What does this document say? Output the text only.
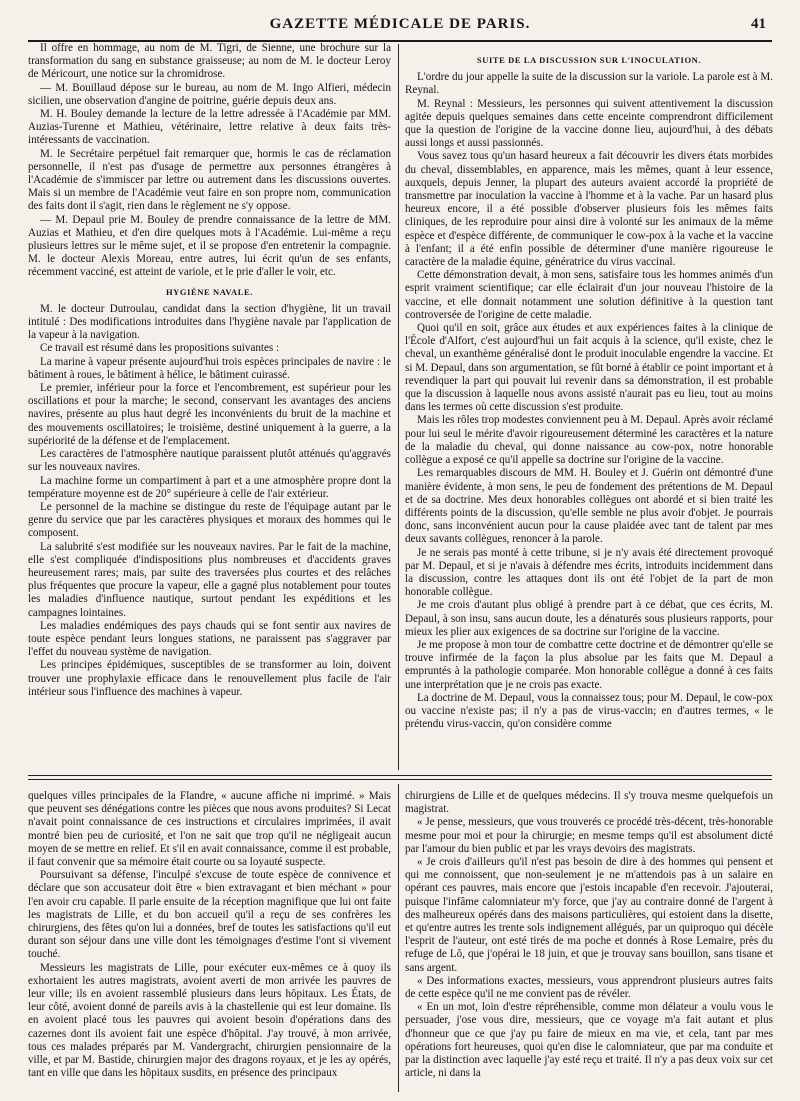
GAZETTE MÉDICALE DE PARIS.	41

Il offre en hommage, au nom de M. Tigri, de Sienne, une brochure sur la transformation du sang en substance graisseuse; au nom de M. le docteur Leroy de Méricourt, une notice sur la chromidrose.

— M. Bouillaud dépose sur le bureau, au nom de M. Ingo Alfieri, médecin sicilien, une observation d'angine de poitrine, guérie depuis deux ans.

M. H. Bouley demande la lecture de la lettre adressée à l'Académie par MM. Auzias-Turenne et Mathieu, vétérinaire, lettre relative à deux faits très-intéressants de vaccination.

M. le Secrétaire perpétuel fait remarquer que, hormis le cas de réclamation personnelle, il n'est pas d'usage de permettre aux personnes étrangères à l'Académie de s'immiscer par lettre ou autrement dans les discussions ouvertes. Mais si un membre de l'Académie veut faire en son propre nom, communication des faits dont il s'agit, rien dans le règlement ne s'y oppose.

— M. Depaul prie M. Bouley de prendre connaissance de la lettre de MM. Auzias et Mathieu, et d'en dire quelques mots à l'Académie. Lui-même a reçu plusieurs lettres sur le même sujet, et il se propose d'en entretenir la compagnie. M. le docteur Alexis Moreau, entre autres, lui écrit qu'un de ses enfants, récemment vacciné, est atteint de variole, et le prie d'aller le voir, etc.

HYGIÈNE NAVALE.

M. le docteur Dutroulau, candidat dans la section d'hygiène, lit un travail intitulé : Des modifications introduites dans l'hygiène navale par l'application de la vapeur à la navigation.

Ce travail est résumé dans les propositions suivantes :

La marine à vapeur présente aujourd'hui trois espèces principales de navire : le bâtiment à roues, le bâtiment à hélice, le bâtiment cuirassé.

Le premier, inférieur pour la force et l'encombrement, est supérieur pour les oscillations et pour la marche; le second, conservant les avantages des anciens navires, présente au plus haut degré les inconvénients du bruit de la machine et des mouvements oscillatoires; le troisième, destiné uniquement à la guerre, a la supériorité de la défense et de l'emplacement.

Les caractères de l'atmosphère nautique paraissent plutôt atténués qu'aggravés sur les nouveaux navires.

La machine forme un compartiment à part et a une atmosphère propre dont la température moyenne est de 20° supérieure à celle de l'air extérieur.

Le personnel de la machine se distingue du reste de l'équipage autant par le genre du service que par les caractères physiques et moraux des hommes qui le composent.

La salubrité s'est modifiée sur les nouveaux navires. Par le fait de la machine, elle s'est compliquée d'indispositions plus nombreuses et d'accidents graves heureusement rares; mais, par suite des traversées plus courtes et des relâches plus fréquentes que procure la vapeur, elle a gagné plus notablement pour toutes les maladies d'influence nautique, surtout pendant les expéditions et les campagnes lointaines.

Les maladies endémiques des pays chauds qui se font sentir aux navires de toute espèce pendant leurs longues stations, ne paraissent pas s'aggraver par l'effet du nouveau système de navigation.

Les principes épidémiques, susceptibles de se transformer au loin, doivent trouver une prophylaxie efficace dans le renouvellement plus facile de l'air intérieur sous l'influence des machines à vapeur.

SUITE DE LA DISCUSSION SUR L'INOCULATION.

L'ordre du jour appelle la suite de la discussion sur la variole. La parole est à M. Reynal.

M. Reynal : Messieurs, les personnes qui suivent attentivement la discussion agitée depuis quelques semaines dans cette enceinte comprendront difficilement que la question de l'origine de la vaccine donne lieu, aujourd'hui, à des débats aussi longs et aussi passionnés.

Vous savez tous qu'un hasard heureux a fait découvrir les divers états morbides du cheval, dissemblables, en apparence, mais les mêmes, quant à leur essence, auxquels, depuis Jenner, la plupart des auteurs avaient accordé la propriété de transmettre par inoculation la vaccine à l'homme et à la vache. Par un hasard plus heureux encore, il a été possible d'observer plusieurs fois les mêmes faits cliniques, de les reproduire pour ainsi dire à volonté sur les animaux de la même espèce et d'espèce différente, de communiquer le cow-pox à la vache et la vaccine à l'enfant; il a été enfin possible de déterminer d'une manière rigoureuse le caractère de la maladie équine, génératrice du virus vaccinal.

Cette démonstration devait, à mon sens, satisfaire tous les hommes animés d'un esprit vraiment scientifique; car elle éclairait d'un jour nouveau l'histoire de la vaccine, et elle donnait notamment une solution définitive à la question tant controversée de l'origine de cette maladie.

Quoi qu'il en soit, grâce aux études et aux expériences faites à la clinique de l'École d'Alfort, c'est aujourd'hui un fait acquis à la science, qu'il existe, chez le cheval, un exanthème généralisé dont le produit inoculable engendre la vaccine. Et si M. Depaul, dans son argumentation, se fût borné à établir ce point important et à revendiquer la part qui pouvait lui revenir dans sa démonstration, il est probable que la discussion à laquelle nous avons assisté n'aurait pas eu lieu, tout au moins dans les termes où cette discussion s'est produite.

Mais les rôles trop modestes conviennent peu à M. Depaul. Après avoir réclamé pour lui seul le mérite d'avoir rigoureusement déterminé les caractères et la nature de la maladie du cheval, qui donne naissance au cow-pox, notre honorable collègue a exposé ce qu'il appelle sa doctrine sur l'origine de la vaccine.

Les remarquables discours de MM. H. Bouley et J. Guérin ont démontré d'une manière évidente, à mon sens, le peu de fondement des prétentions de M. Depaul et de sa doctrine. Mes deux honorables collègues ont abordé et si bien traité les différents points de la discussion, qu'elle semble ne plus avoir d'objet. Je pourrais donc, sans inconvénient aucun pour la cause plaidée avec tant de talent par mes deux savants collègues, renoncer à la parole.

Je ne serais pas monté à cette tribune, si je n'y avais été directement provoqué par M. Depaul, et si je n'avais à défendre mes écrits, introduits incidemment dans la discussion, contre les attaques dont ils ont été l'objet de la part de mon honorable collègue.

Je me crois d'autant plus obligé à prendre part à ce débat, que ces écrits, M. Depaul, à son insu, sans aucun doute, les a dénaturés sous plusieurs rapports, pour mieux les plier aux exigences de sa doctrine sur l'origine de la vaccine.

Je me propose à mon tour de combattre cette doctrine et de démontrer qu'elle se trouve infirmée de la façon la plus absolue par les faits que M. Depaul a empruntés à la pathologie comparée. Mon honorable collègue a donné à ces faits une interprétation que je ne crois pas exacte.

La doctrine de M. Depaul, vous la connaissez tous; pour M. Depaul, le cow-pox ou vaccine n'existe pas; il n'y a pas de virus-vaccin; en d'autres termes, « le prétendu virus-vaccin, qu'on considère comme

quelques villes principales de la Flandre, « aucune affiche ni imprimé. » Mais que peuvent ses dénégations contre les pièces que nous avons produites? Si Lecat n'avait point connaissance de ces instructions et circulaires imprimées, il avait montré bien peu de curiosité, et l'on ne sait que trop qu'il ne négligeait aucun moyen de se mettre en relief. Et s'il en avait connaissance, comme il est probable, il faut convenir que sa mémoire était courte ou sa loyauté suspecte.

Poursuivant sa défense, l'inculpé s'excuse de toute espèce de connivence et déclare que son accusateur doit être « bien extravagant et bien méchant » pour l'en avoir cru capable. Il parle ensuite de la réception magnifique que lui ont faite les magistrats de Lille, et du bon accueil qu'il a reçu de ses confrères les chirurgiens, des fêtes qu'on lui a données, bref de toutes les satisfactions qu'il eut durant son séjour dans une ville dont les témoignages d'estime l'ont si vivement touché.

Messieurs les magistrats de Lille, pour exécuter eux-mêmes ce à quoy ils exhortaient les autres magistrats, avoient averti de mon arrivée les pauvres de leur ville; ils en avoient rassemblé plusieurs dans leurs hôpitaux. Les États, de leur côté, avoient donné de pareils avis à la chastellenie qui est leur domaine. Ils en avoient placé tous les pauvres qui avoient besoin d'opérations dans des cazernes dont ils avoient fait une espèce d'hôpital. J'ay trouvé, à mon arrivée, tous ces malades préparés par M. Vandergracht, chirurgien pensionnaire de la ville, et par M. Bastide, chirurgien major des dragons royaux, et je les ay opérés, tant en ville que dans les hôpitaux susdits, en présence des principaux

chirurgiens de Lille et de quelques médecins. Il s'y trouva mesme quelquefois un magistrat.

« Je pense, messieurs, que vous trouverés ce procédé très-décent, très-honorable mesme pour moi et pour la chirurgie; en mesme temps qu'il est absolument dicté par l'amour du bien public et par les vrays devoirs des magistrats.

« Je crois d'ailleurs qu'il n'est pas besoin de dire à des hommes qui pensent et qui me connoissent, que non-seulement je ne m'attendois pas à un salaire en opérant ces pauvres, mais encore que j'estois incapable d'en recevoir. J'ajouterai, puisque l'infâme calomniateur m'y force, que j'ay au contraire donné de l'argent à des malheureux opérés dans des maisons particulières, qui estoient dans la disette, et qu'entre autres les trente sols indignement allégués, par un quiproquo qui décèle l'esprit de l'auteur, ont esté tirés de ma poche et donnés à Rose Lemaire, près du refuge de Lô, que j'opérai le 18 juin, et que je trouvay sans bouillon, sans tisane et sans argent.

« Des informations exactes, messieurs, vous apprendront plusieurs autres faits de cette espèce qu'il ne me convient pas de révéler.

« En un mot, loin d'estre répréhensible, comme mon délateur a voulu vous le persuader, j'ose vous dire, messieurs, que ce voyage m'a fait autant et plus d'honneur que ce que j'ay pu faire de mieux en ma vie, et cela, tant par mes opérations fort heureuses, quoi qu'en dise le calomniateur, que par ma conduite et par la distinction avec laquelle j'ay esté reçu et traité. Il n'y a pas deux voix sur cet article, ni dans la
